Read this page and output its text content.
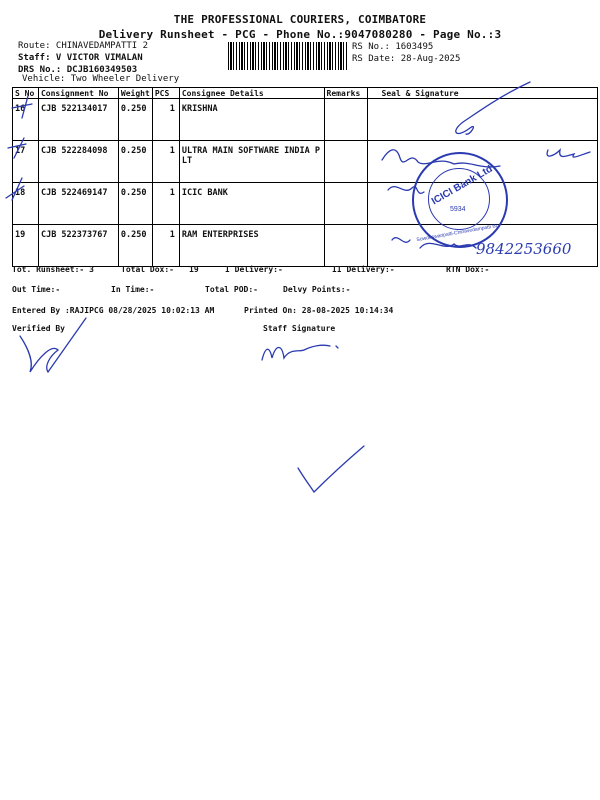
THE PROFESSIONAL COURIERS, COIMBATORE
Delivery Runsheet - PCG - Phone No.:9047080280 - Page No.:3
Route: CHINAVEDAMPATTI 2
Staff: V VICTOR VIMALAN
DRS No.: DCJB160349503
Vehicle: Two Wheeler Delivery
RS No.: 1603495
RS Date: 28-Aug-2025
S No	Consignment No	Weight	PCS	Consignee Details	Remarks	Seal & Signature
16	CJB 522134017	0.250	1	KRISHNA		
17	CJB 522284098	0.250	1	ULTRA MAIN SOFTWARE INDIA P LT		
18	CJB 522469147	0.250	1	ICIC BANK		
19	CJB 522373767	0.250	1	RAM ENTERPRISES		
Tot. Runsheet:- 3	Total Dox:- 19	I Delivery:-	II Delivery:-	RTN Dox:-
Out Time:-	In Time:-	Total POD:-	Delvy Points:-
Entered By :RAJIPCG 08/28/2025 10:02:13 AM	Printed On: 28-08-2025 10:14:34
Verified By	Staff Signature
9842253660
ICICI Bank Ltd
5934
Sowdeswaripatti-Chinavedampatti Br.
